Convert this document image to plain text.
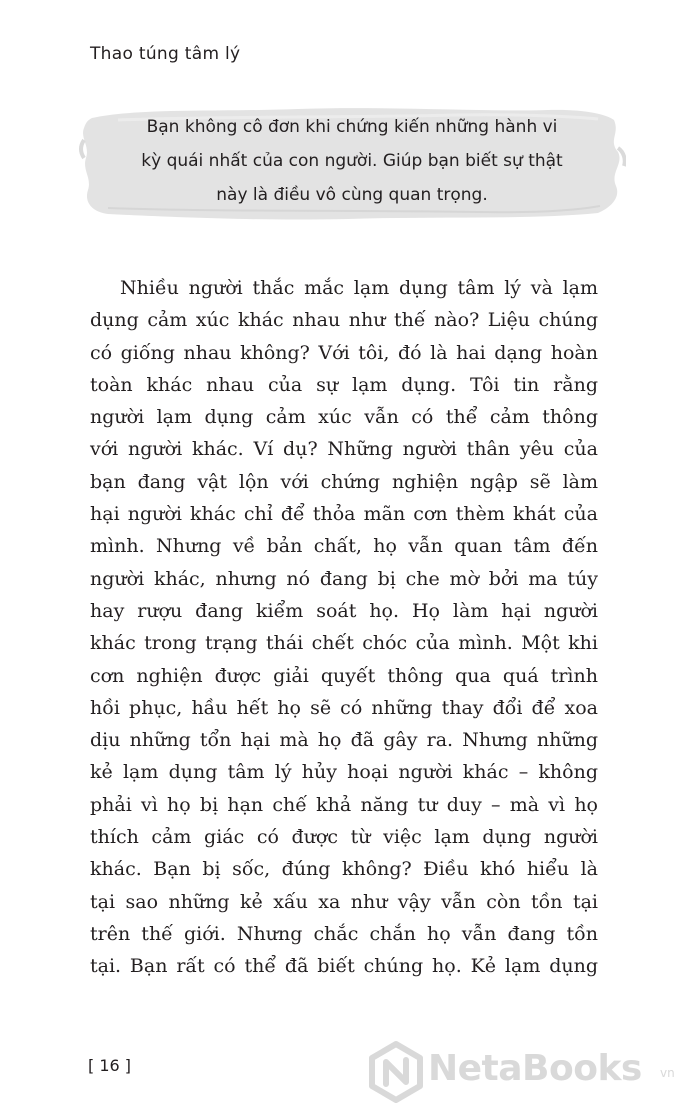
Thao túng tâm lý

Bạn không cô đơn khi chứng kiến những hành vi
kỳ quái nhất của con người. Giúp bạn biết sự thật
này là điều vô cùng quan trọng.

Nhiều người thắc mắc lạm dụng tâm lý và lạm
dụng cảm xúc khác nhau như thế nào? Liệu chúng
có giống nhau không? Với tôi, đó là hai dạng hoàn
toàn khác nhau của sự lạm dụng. Tôi tin rằng
người lạm dụng cảm xúc vẫn có thể cảm thông
với người khác. Ví dụ? Những người thân yêu của
bạn đang vật lộn với chứng nghiện ngập sẽ làm
hại người khác chỉ để thỏa mãn cơn thèm khát của
mình. Nhưng về bản chất, họ vẫn quan tâm đến
người khác, nhưng nó đang bị che mờ bởi ma túy
hay rượu đang kiểm soát họ. Họ làm hại người
khác trong trạng thái chết chóc của mình. Một khi
cơn nghiện được giải quyết thông qua quá trình
hồi phục, hầu hết họ sẽ có những thay đổi để xoa
dịu những tổn hại mà họ đã gây ra. Nhưng những
kẻ lạm dụng tâm lý hủy hoại người khác – không
phải vì họ bị hạn chế khả năng tư duy – mà vì họ
thích cảm giác có được từ việc lạm dụng người
khác. Bạn bị sốc, đúng không? Điều khó hiểu là
tại sao những kẻ xấu xa như vậy vẫn còn tồn tại
trên thế giới. Nhưng chắc chắn họ vẫn đang tồn
tại. Bạn rất có thể đã biết chúng họ. Kẻ lạm dụng
[ 16 ]	NetaBooks vn
